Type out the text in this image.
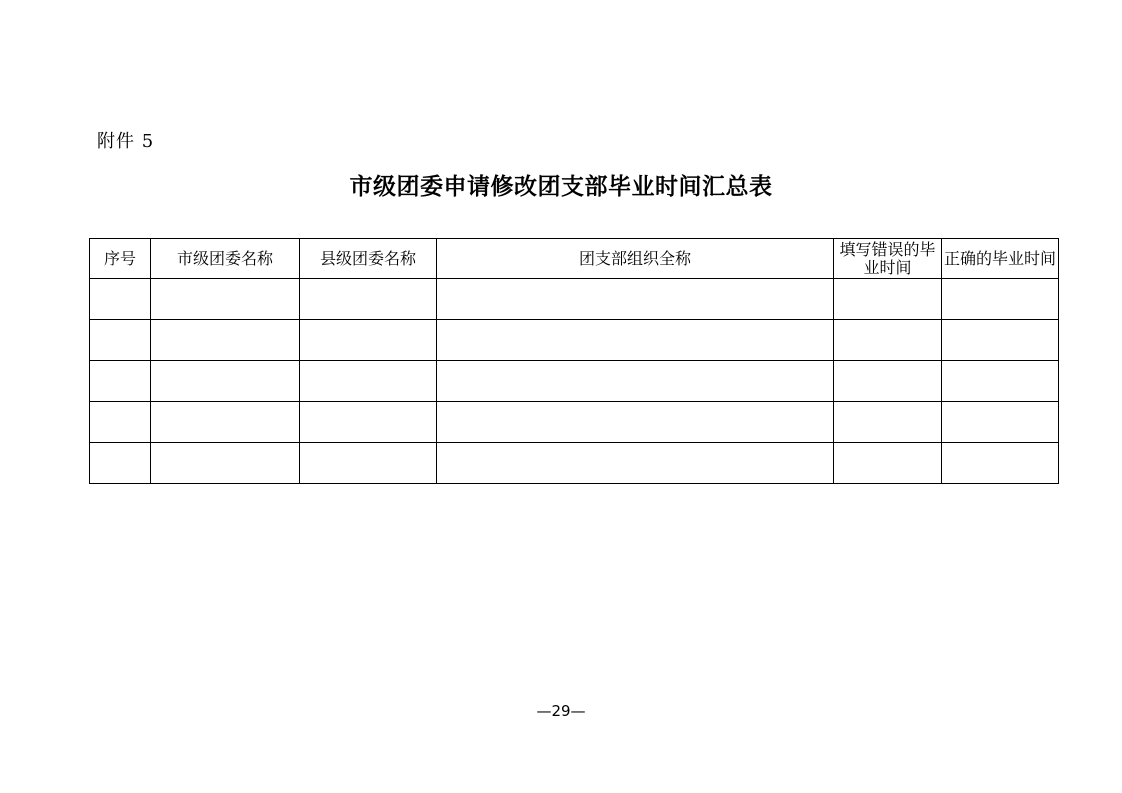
附件 5
市级团委申请修改团支部毕业时间汇总表
序号	市级团委名称	县级团委名称	团支部组织全称	填写错误的毕业时间	正确的毕业时间

—29—
